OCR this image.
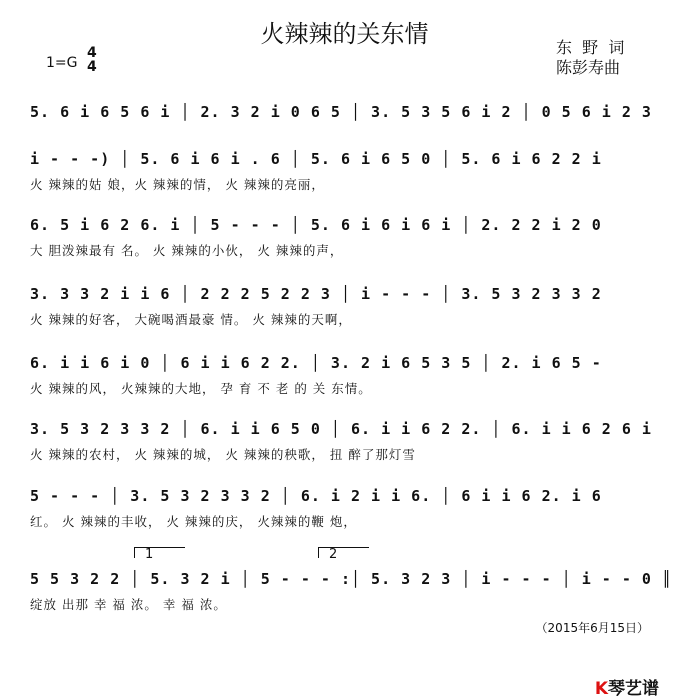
火辣辣的关东情
1=G
4
4
东  野  词
陈彭寿曲
5. 6 i 6 5 6 i │ 2. 3 2 i 0 6 5 │ 3. 5 3 5 6 i 2 │ 0 5 6 i 2 3
i - - -) │ 5. 6 i 6 i . 6 │ 5. 6 i 6 5 0 │ 5. 6 i 6 2 2 i
火 辣辣的姑 娘，火 辣辣的情， 火 辣辣的亮丽，
6. 5 i 6 2 6. i │ 5 - - - │ 5. 6 i 6 i 6 i │ 2. 2 2 i 2 0
大 胆泼辣最有 名。 火 辣辣的小伙， 火 辣辣的声，
3. 3 3 2 i i 6 │ 2 2 2 5 2 2 3 │ i - - - │ 3. 5 3 2 3 3 2
火 辣辣的好客， 大碗喝酒最豪 情。 火 辣辣的天啊，
6. i i 6 i 0 │ 6 i i 6 2 2. │ 3. 2 i 6 5 3 5 │ 2. i 6 5 -
火 辣辣的风， 火辣辣的大地， 孕 育 不 老 的 关 东情。
3. 5 3 2 3 3 2 │ 6. i i 6 5 0 │ 6. i i 6 2 2. │ 6. i i 6 2 6 i
火 辣辣的农村， 火 辣辣的城， 火 辣辣的秧歌， 扭 醉了那灯雪
5 - - - │ 3. 5 3 2 3 3 2 │ 6. i 2 i i 6. │ 6 i i 6 2. i 6
红。 火 辣辣的丰收， 火 辣辣的庆， 火辣辣的鞭 炮，
1	2
5 5 3 2 2 │ 5. 3 2 i │ 5 - - - :│ 5. 3 2 3 │ i - - - │ i - - 0 ║
绽放 出那 幸 福 浓。 幸 福 浓。
（2015年6月15日）

K琴艺谱
